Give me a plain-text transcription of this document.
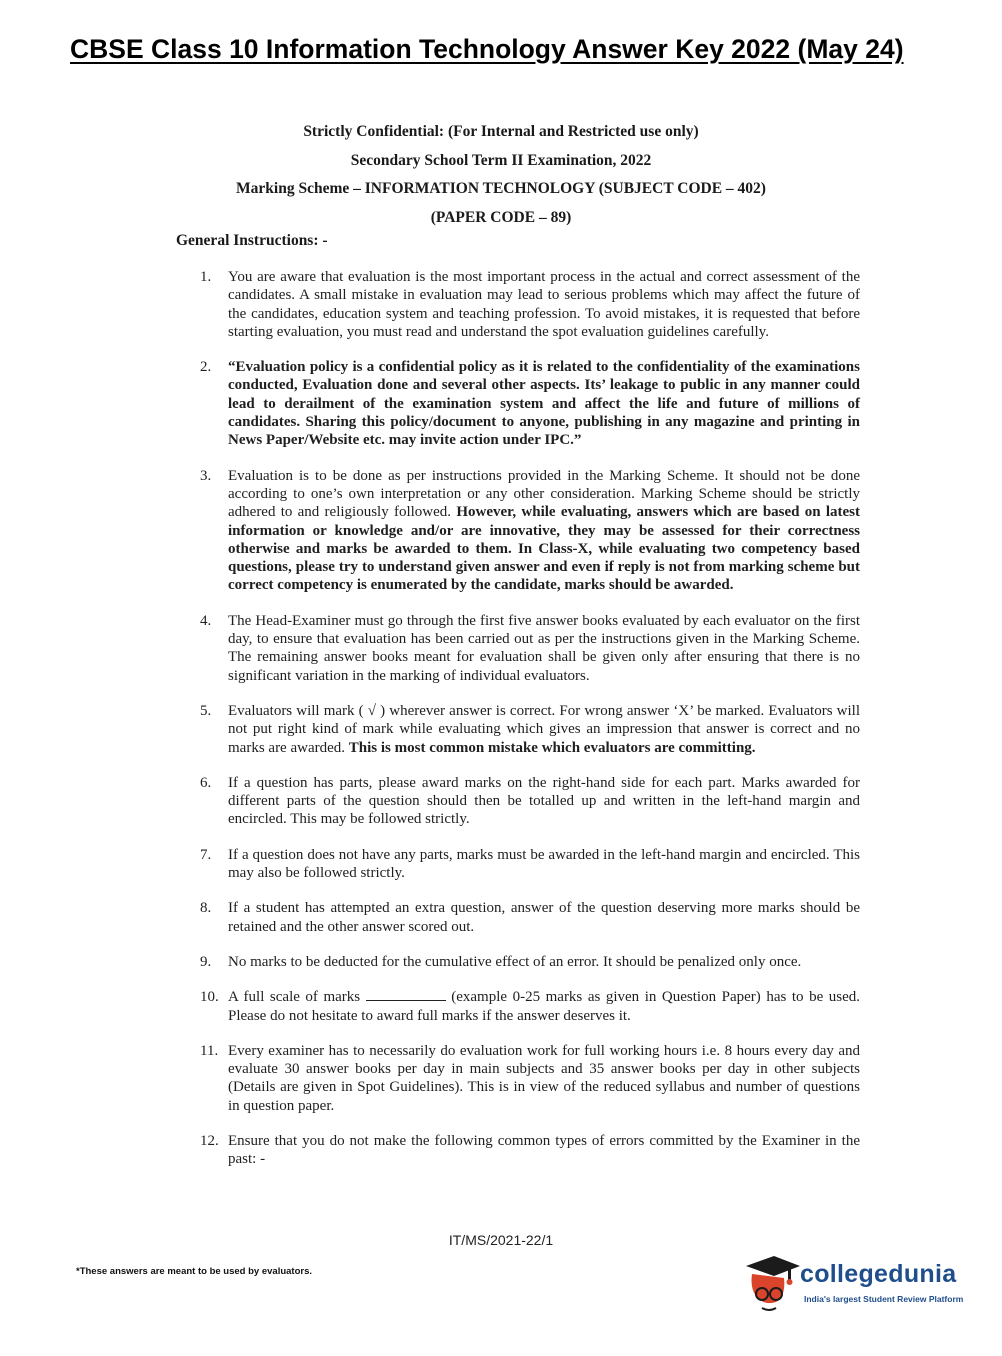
CBSE Class 10 Information Technology Answer Key 2022 (May 24)
Strictly Confidential: (For Internal and Restricted use only)
Secondary School Term II Examination, 2022
Marking Scheme – INFORMATION TECHNOLOGY (SUBJECT CODE – 402)
(PAPER CODE – 89)
General Instructions: -
1. You are aware that evaluation is the most important process in the actual and correct assessment of the candidates. A small mistake in evaluation may lead to serious problems which may affect the future of the candidates, education system and teaching profession. To avoid mistakes, it is requested that before starting evaluation, you must read and understand the spot evaluation guidelines carefully.
2. “Evaluation policy is a confidential policy as it is related to the confidentiality of the examinations conducted, Evaluation done and several other aspects. Its’ leakage to public in any manner could lead to derailment of the examination system and affect the life and future of millions of candidates. Sharing this policy/document to anyone, publishing in any magazine and printing in News Paper/Website etc. may invite action under IPC.”
3. Evaluation is to be done as per instructions provided in the Marking Scheme. It should not be done according to one’s own interpretation or any other consideration. Marking Scheme should be strictly adhered to and religiously followed. However, while evaluating, answers which are based on latest information or knowledge and/or are innovative, they may be assessed for their correctness otherwise and marks be awarded to them. In Class-X, while evaluating two competency based questions, please try to understand given answer and even if reply is not from marking scheme but correct competency is enumerated by the candidate, marks should be awarded.
4. The Head-Examiner must go through the first five answer books evaluated by each evaluator on the first day, to ensure that evaluation has been carried out as per the instructions given in the Marking Scheme. The remaining answer books meant for evaluation shall be given only after ensuring that there is no significant variation in the marking of individual evaluators.
5. Evaluators will mark ( √ ) wherever answer is correct. For wrong answer ‘X’ be marked. Evaluators will not put right kind of mark while evaluating which gives an impression that answer is correct and no marks are awarded. This is most common mistake which evaluators are committing.
6. If a question has parts, please award marks on the right-hand side for each part. Marks awarded for different parts of the question should then be totalled up and written in the left-hand margin and encircled. This may be followed strictly.
7. If a question does not have any parts, marks must be awarded in the left-hand margin and encircled. This may also be followed strictly.
8. If a student has attempted an extra question, answer of the question deserving more marks should be retained and the other answer scored out.
9. No marks to be deducted for the cumulative effect of an error. It should be penalized only once.
10. A full scale of marks	(example 0-25 marks as given in Question Paper) has to be used. Please do not hesitate to award full marks if the answer deserves it.
11. Every examiner has to necessarily do evaluation work for full working hours i.e. 8 hours every day and evaluate 30 answer books per day in main subjects and 35 answer books per day in other subjects (Details are given in Spot Guidelines). This is in view of the reduced syllabus and number of questions in question paper.
12. Ensure that you do not make the following common types of errors committed by the Examiner in the past: -
IT/MS/2021-22/1
*These answers are meant to be used by evaluators.	collegedunia
India's largest Student Review Platform
